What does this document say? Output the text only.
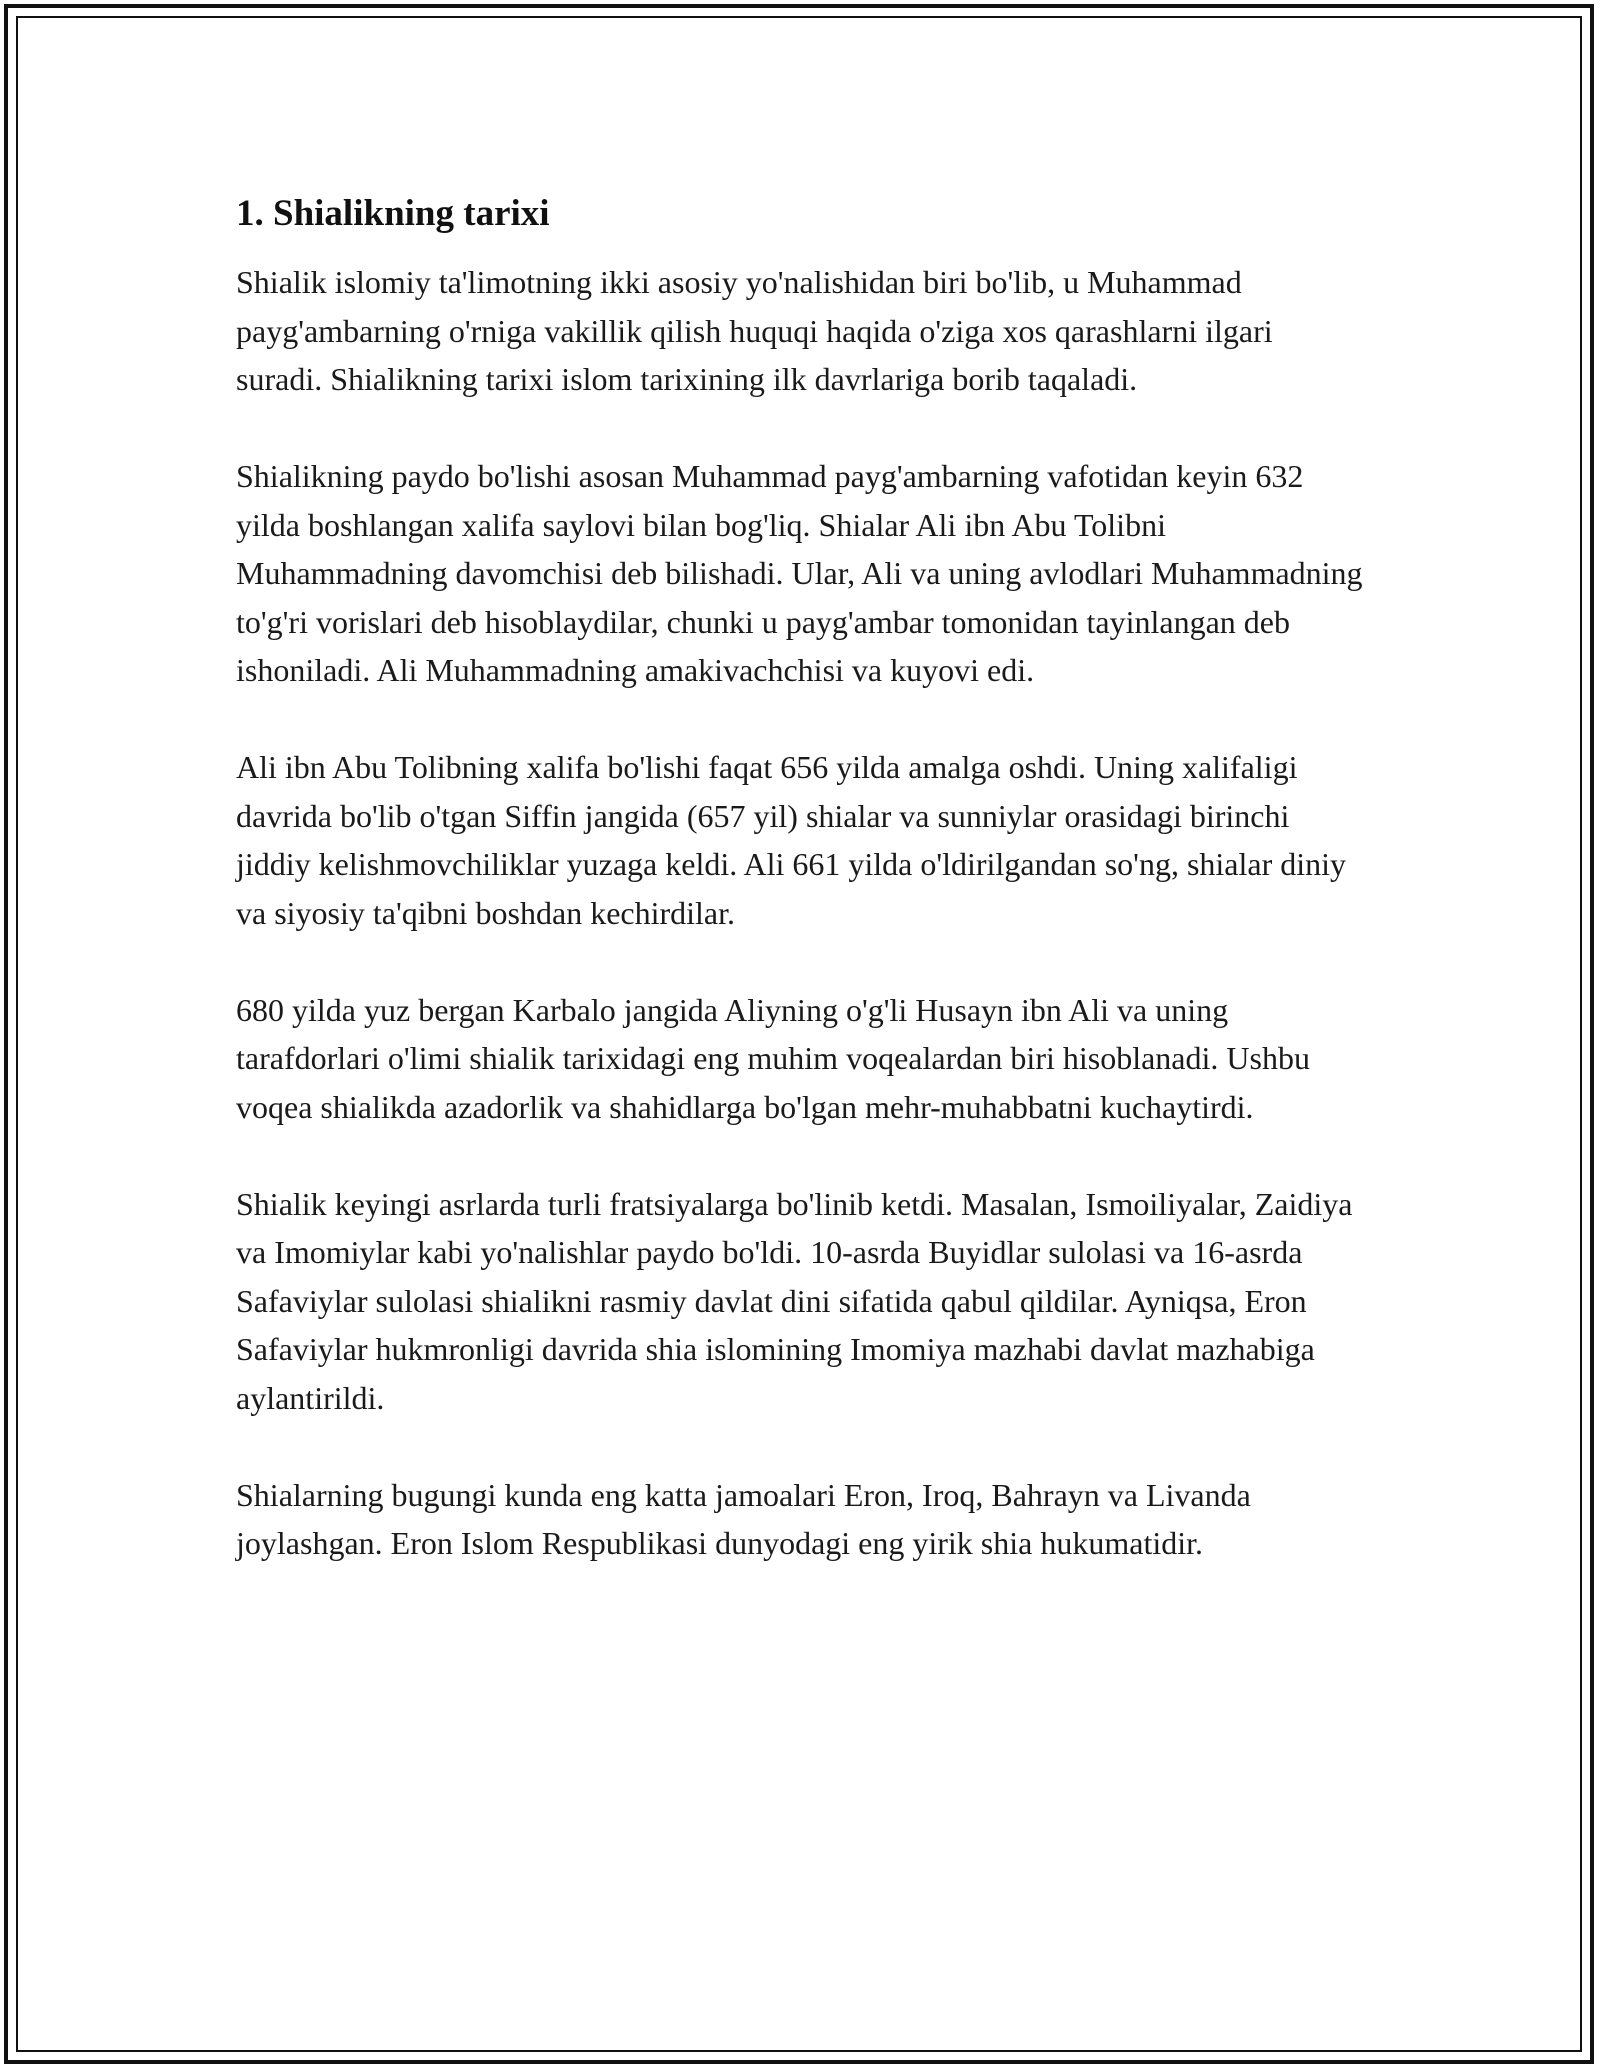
1. Shialikning tarixi

Shialik islomiy ta'limotning ikki asosiy yo'nalishidan biri bo'lib, u Muhammad payg'ambarning o'rniga vakillik qilish huquqi haqida o'ziga xos qarashlarni ilgari suradi. Shialikning tarixi islom tarixining ilk davrlariga borib taqaladi.

Shialikning paydo bo'lishi asosan Muhammad payg'ambarning vafotidan keyin 632 yilda boshlangan xalifa saylovi bilan bog'liq. Shialar Ali ibn Abu Tolibni Muhammadning davomchisi deb bilishadi. Ular, Ali va uning avlodlari Muhammadning to'g'ri vorislari deb hisoblaydilar, chunki u payg'ambar tomonidan tayinlangan deb ishoniladi. Ali Muhammadning amakivachchisi va kuyovi edi.

Ali ibn Abu Tolibning xalifa bo'lishi faqat 656 yilda amalga oshdi. Uning xalifaligi davrida bo'lib o'tgan Siffin jangida (657 yil) shialar va sunniylar orasidagi birinchi jiddiy kelishmovchiliklar yuzaga keldi. Ali 661 yilda o'ldirilgandan so'ng, shialar diniy va siyosiy ta'qibni boshdan kechirdilar.

680 yilda yuz bergan Karbalo jangida Aliyning o'g'li Husayn ibn Ali va uning tarafdorlari o'limi shialik tarixidagi eng muhim voqealardan biri hisoblanadi. Ushbu voqea shialikda azadorlik va shahidlarga bo'lgan mehr-muhabbatni kuchaytirdi.

Shialik keyingi asrlarda turli fratsiyalarga bo'linib ketdi. Masalan, Ismoiliyalar, Zaidiya va Imomiylar kabi yo'nalishlar paydo bo'ldi. 10-asrda Buyidlar sulolasi va 16-asrda Safaviylar sulolasi shialikni rasmiy davlat dini sifatida qabul qildilar. Ayniqsa, Eron Safaviylar hukmronligi davrida shia islomining Imomiya mazhabi davlat mazhabiga aylantirildi.

Shialarning bugungi kunda eng katta jamoalari Eron, Iroq, Bahrayn va Livanda joylashgan. Eron Islom Respublikasi dunyodagi eng yirik shia hukumatidir.
